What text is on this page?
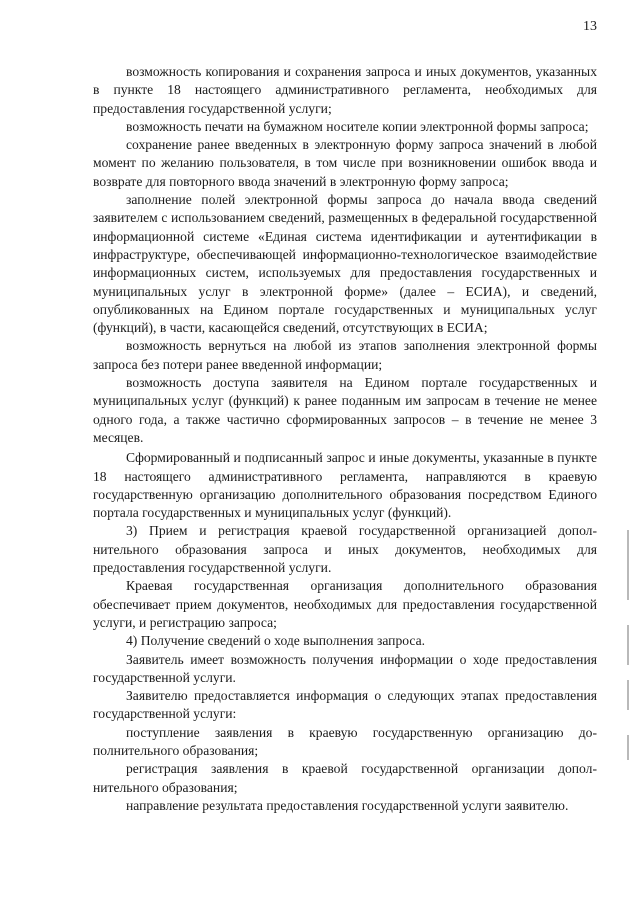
13

возможность копирования и сохранения запроса и иных документов, указанных в пункте 18 настоящего административного регламента, необходимых для предоставления государственной услуги;

возможность печати на бумажном носителе копии электронной формы запроса;

сохранение ранее введенных в электронную форму запроса значений в любой момент по желанию пользователя, в том числе при возникновении ошибок ввода и возврате для повторного ввода значений в электронную форму запроса;

заполнение полей электронной формы запроса до начала ввода сведений заявителем с использованием сведений, размещенных в федеральной государственной информационной системе «Единая система идентификации и аутентификации в инфраструктуре, обеспечивающей информационно-технологическое взаимодействие информационных систем, используемых для предоставления государственных и муниципальных услуг в электронной форме» (далее – ЕСИА), и сведений, опубликованных на Едином портале государственных и муниципальных услуг (функций), в части, касающейся сведений, отсутствующих в ЕСИА;

возможность вернуться на любой из этапов заполнения электронной формы запроса без потери ранее введенной информации;

возможность доступа заявителя на Едином портале государственных и муниципальных услуг (функций) к ранее поданным им запросам в течение не менее одного года, а также частично сформированных запросов – в течение не менее 3 месяцев.

Сформированный и подписанный запрос и иные документы, указанные в пункте 18 настоящего административного регламента, направляются в краевую государственную организацию дополнительного образования посредством Единого портала государственных и муниципальных услуг (функций).

3) Прием и регистрация краевой государственной организацией дополнительного образования запроса и иных документов, необходимых для предоставления государственной услуги.

Краевая государственная организация дополнительного образования обеспечивает прием документов, необходимых для предоставления государственной услуги, и регистрацию запроса;

4) Получение сведений о ходе выполнения запроса.

Заявитель имеет возможность получения информации о ходе предоставления государственной услуги.

Заявителю предоставляется информация о следующих этапах предоставления государственной услуги:

поступление заявления в краевую государственную организацию дополнительного образования;

регистрация заявления в краевой государственной организации дополнительного образования;

направление результата предоставления государственной услуги заявителю.
